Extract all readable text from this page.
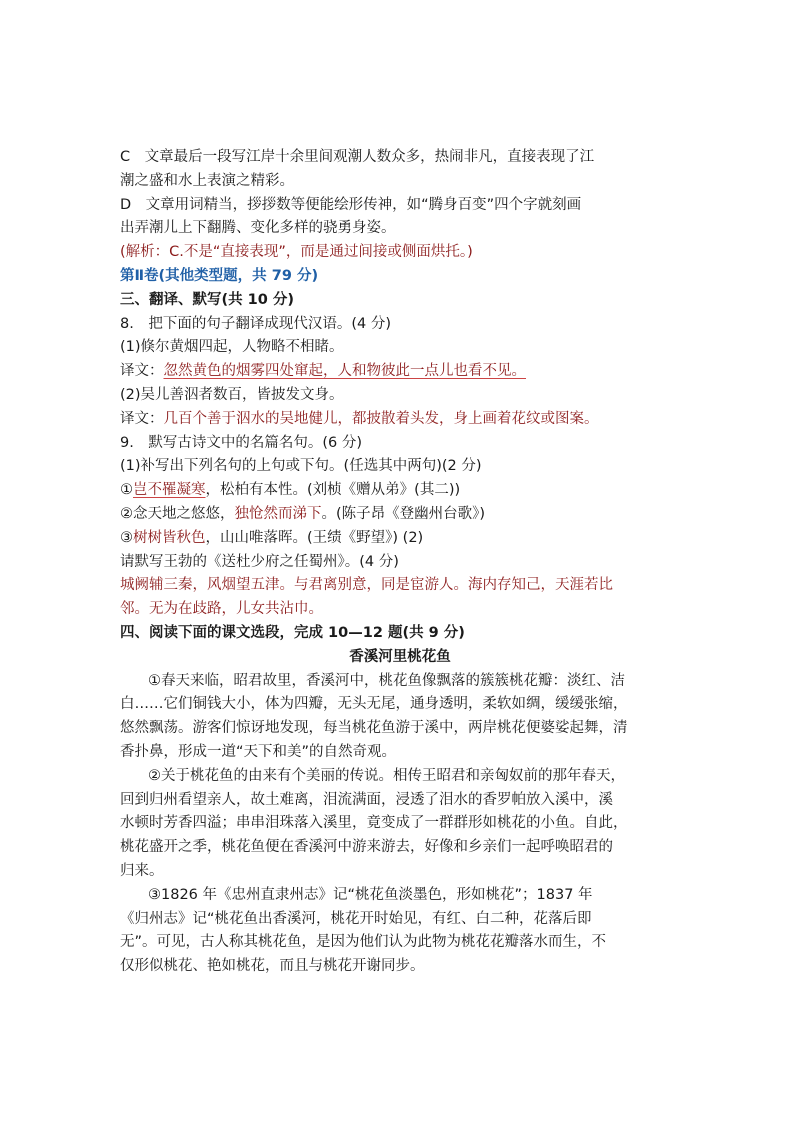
C　文章最后一段写江岸十余里间观潮人数众多，热闹非凡，直接表现了江
潮之盛和水上表演之精彩。
D　文章用词精当，拶拶数等便能绘形传神，如“腾身百变”四个字就刻画
出弄潮儿上下翻腾、变化多样的骁勇身姿。
(解析：C.不是“直接表现”，而是通过间接或侧面烘托。)
第Ⅱ卷(其他类型题，共 79 分)
三、翻译、默写(共 10 分)
8.　把下面的句子翻译成现代汉语。(4 分)
(1)倏尔黄烟四起，人物略不相睹。
译文：忽然黄色的烟雾四处窜起，人和物彼此一点儿也看不见。
(2)吴儿善泅者数百，皆披发文身。
译文：几百个善于泅水的吴地健儿，都披散着头发，身上画着花纹或图案。
9.　默写古诗文中的名篇名句。(6 分)
(1)补写出下列名句的上句或下句。(任选其中两句)(2 分)
①岂不罹凝寒，松柏有本性。(刘桢《赠从弟》(其二))
②念天地之悠悠，独怆然而涕下。(陈子昂《登幽州台歌》)
③树树皆秋色，山山唯落晖。(王绩《野望》) (2)
请默写王勃的《送杜少府之任蜀州》。(4 分)
城阙辅三秦，风烟望五津。与君离别意，同是宦游人。海内存知己，天涯若比
邻。无为在歧路，儿女共沾巾。
四、阅读下面的课文选段，完成 10—12 题(共 9 分)
香溪河里桃花鱼
①春天来临，昭君故里，香溪河中，桃花鱼像飘落的簇簇桃花瓣：淡红、洁
白……它们铜钱大小，体为四瓣，无头无尾，通身透明，柔软如绸，缓缓张缩，
悠然飘荡。游客们惊讶地发现，每当桃花鱼游于溪中，两岸桃花便婆娑起舞，清
香扑鼻，形成一道“天下和美”的自然奇观。
②关于桃花鱼的由来有个美丽的传说。相传王昭君和亲匈奴前的那年春天，
回到归州看望亲人，故土难离，泪流满面，浸透了泪水的香罗帕放入溪中，溪
水顿时芳香四溢；串串泪珠落入溪里，竟变成了一群群形如桃花的小鱼。自此，
桃花盛开之季，桃花鱼便在香溪河中游来游去，好像和乡亲们一起呼唤昭君的
归来。
③1826 年《忠州直隶州志》记“桃花鱼淡墨色，形如桃花”；1837 年
《归州志》记“桃花鱼出香溪河，桃花开时始见，有红、白二种，花落后即
无”。可见，古人称其桃花鱼，是因为他们认为此物为桃花花瓣落水而生，不
仅形似桃花、艳如桃花，而且与桃花开谢同步。
